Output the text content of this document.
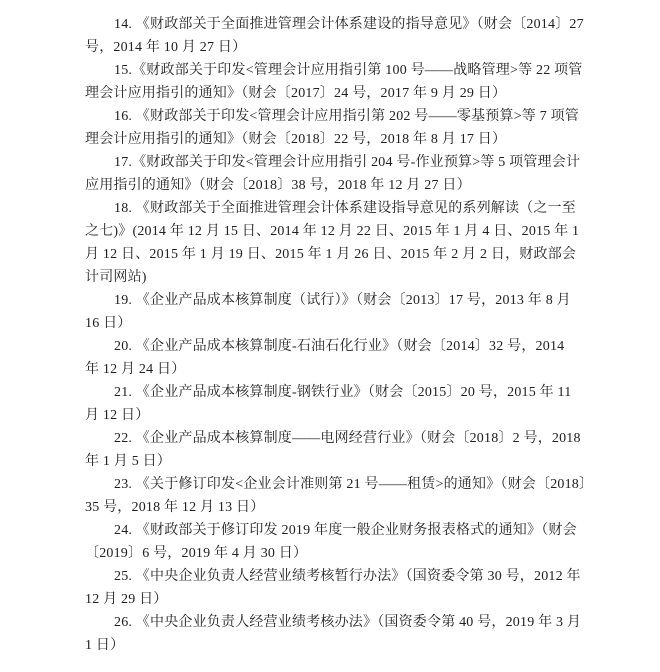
14. 《财政部关于全面推进管理会计体系建设的指导意见》（财会〔2014〕27
号，2014 年 10 月 27 日）
15.《财政部关于印发<管理会计应用指引第 100 号——战略管理>等 22 项管
理会计应用指引的通知》（财会〔2017〕24 号，2017 年 9 月 29 日）
16. 《财政部关于印发<管理会计应用指引第 202 号——零基预算>等 7 项管
理会计应用指引的通知》（财会〔2018〕22 号，2018 年 8 月 17 日）
17.《财政部关于印发<管理会计应用指引 204 号-作业预算>等 5 项管理会计
应用指引的通知》（财会〔2018〕38 号，2018 年 12 月 27 日）
18. 《财政部关于全面推进管理会计体系建设指导意见的系列解读（之一至
之七)》(2014 年 12 月 15 日、2014 年 12 月 22 日、2015 年 1 月 4 日、2015 年 1
月 12 日、2015 年 1 月 19 日、2015 年 1 月 26 日、2015 年 2 月 2 日，财政部会
计司网站)
19. 《企业产品成本核算制度（试行）》（财会〔2013〕17 号，2013 年 8 月
16 日）
20. 《企业产品成本核算制度-石油石化行业》（财会〔2014〕32 号，2014
年 12 月 24 日）
21. 《企业产品成本核算制度-钢铁行业》（财会〔2015〕20 号，2015 年 11
月 12 日）
22. 《企业产品成本核算制度——电网经营行业》（财会〔2018〕2 号，2018
年 1 月 5 日）
23. 《关于修订印发<企业会计准则第 21 号——租赁>的通知》（财会〔2018〕
35 号，2018 年 12 月 13 日）
24. 《财政部关于修订印发 2019 年度一般企业财务报表格式的通知》（财会
〔2019〕6 号，2019 年 4 月 30 日）
25. 《中央企业负责人经营业绩考核暂行办法》（国资委令第 30 号，2012 年
12 月 29 日）
26. 《中央企业负责人经营业绩考核办法》（国资委令第 40 号，2019 年 3 月
1 日）
